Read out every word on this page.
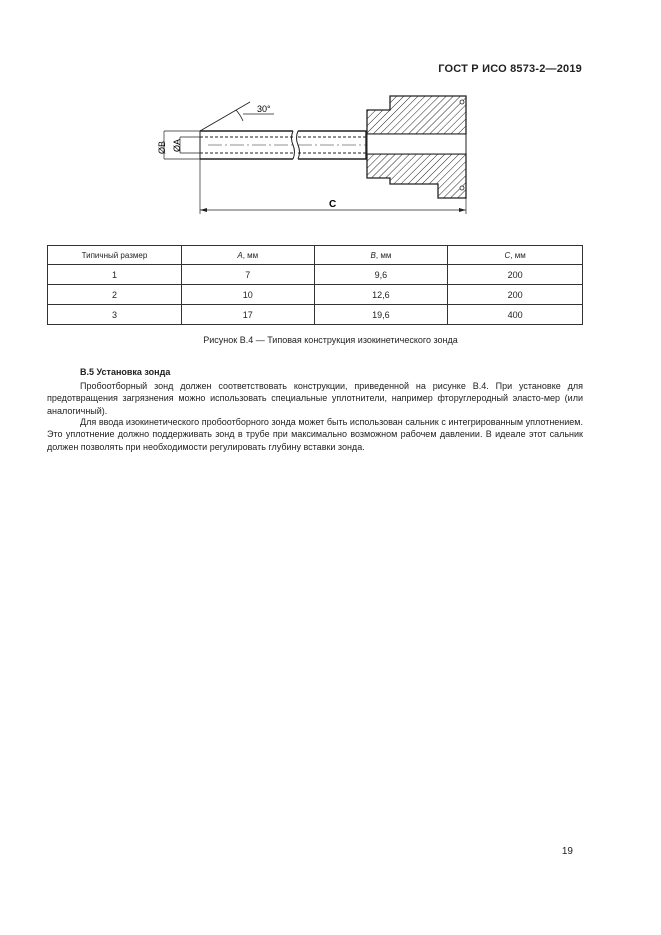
ГОСТ Р ИСО 8573-2—2019
30°
ØB ØA
C
Типичный размер	A, мм	B, мм	C, мм
1	7	9,6	200
2	10	12,6	200
3	17	19,6	400
Рисунок В.4 — Типовая конструкция изокинетического зонда
В.5 Установка зонда

Пробоотборный зонд должен соответствовать конструкции, приведенной на рисунке В.4. При установке для предотвращения загрязнения можно использовать специальные уплотнители, например фторуглеродный эласто-мер (или аналогичный).

Для ввода изокинетического пробоотборного зонда может быть использован сальник с интегрированным уплотнением. Это уплотнение должно поддерживать зонд в трубе при максимально возможном рабочем давлении. В идеале этот сальник должен позволять при необходимости регулировать глубину вставки зонда.

19
